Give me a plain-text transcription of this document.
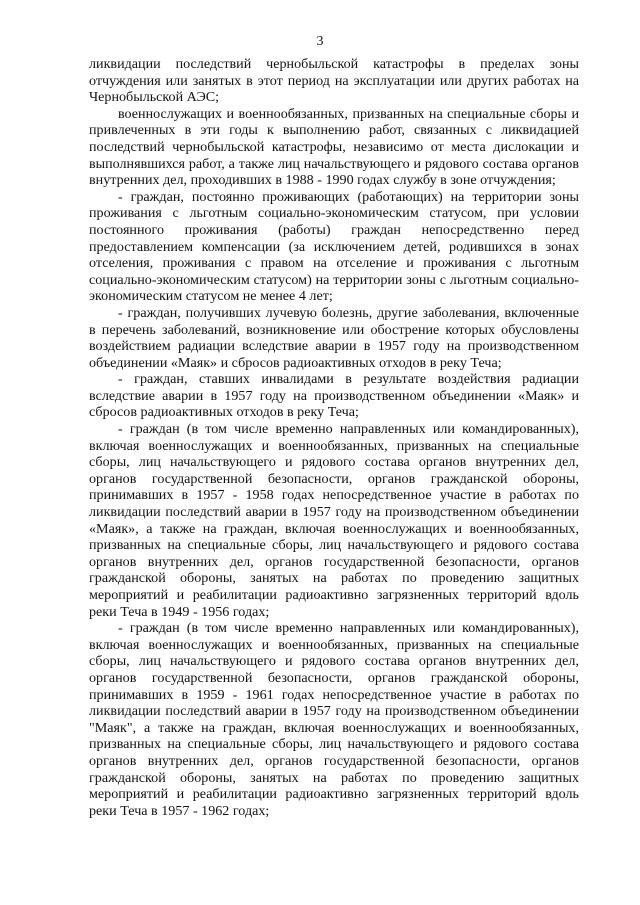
3

ликвидации последствий чернобыльской катастрофы в пределах зоны отчуждения или занятых в этот период на эксплуатации или других работах на Чернобыльской АЭС;

военнослужащих и военнообязанных, призванных на специальные сборы и привлеченных в эти годы к выполнению работ, связанных с ликвидацией последствий чернобыльской катастрофы, независимо от места дислокации и выполнявшихся работ, а также лиц начальствующего и рядового состава органов внутренних дел, проходивших в 1988 - 1990 годах службу в зоне отчуждения;

- граждан, постоянно проживающих (работающих) на территории зоны проживания с льготным социально-экономическим статусом, при условии постоянного проживания (работы) граждан непосредственно перед предоставлением компенсации (за исключением детей, родившихся в зонах отселения, проживания с правом на отселение и проживания с льготным социально-экономическим статусом) на территории зоны с льготным социально-экономическим статусом не менее 4 лет;

- граждан, получивших лучевую болезнь, другие заболевания, включенные в перечень заболеваний, возникновение или обострение которых обусловлены воздействием радиации вследствие аварии в 1957 году на производственном объединении «Маяк» и сбросов радиоактивных отходов в реку Теча;

- граждан, ставших инвалидами в результате воздействия радиации вследствие аварии в 1957 году на производственном объединении «Маяк» и сбросов радиоактивных отходов в реку Теча;

- граждан (в том числе временно направленных или командированных), включая военнослужащих и военнообязанных, призванных на специальные сборы, лиц начальствующего и рядового состава органов внутренних дел, органов государственной безопасности, органов гражданской обороны, принимавших в 1957 - 1958 годах непосредственное участие в работах по ликвидации последствий аварии в 1957 году на производственном объединении «Маяк», а также на граждан, включая военнослужащих и военнообязанных, призванных на специальные сборы, лиц начальствующего и рядового состава органов внутренних дел, органов государственной безопасности, органов гражданской обороны, занятых на работах по проведению защитных мероприятий и реабилитации радиоактивно загрязненных территорий вдоль реки Теча в 1949 - 1956 годах;

- граждан (в том числе временно направленных или командированных), включая военнослужащих и военнообязанных, призванных на специальные сборы, лиц начальствующего и рядового состава органов внутренних дел, органов государственной безопасности, органов гражданской обороны, принимавших в 1959 - 1961 годах непосредственное участие в работах по ликвидации последствий аварии в 1957 году на производственном объединении "Маяк", а также на граждан, включая военнослужащих и военнообязанных, призванных на специальные сборы, лиц начальствующего и рядового состава органов внутренних дел, органов государственной безопасности, органов гражданской обороны, занятых на работах по проведению защитных мероприятий и реабилитации радиоактивно загрязненных территорий вдоль реки Теча в 1957 - 1962 годах;
